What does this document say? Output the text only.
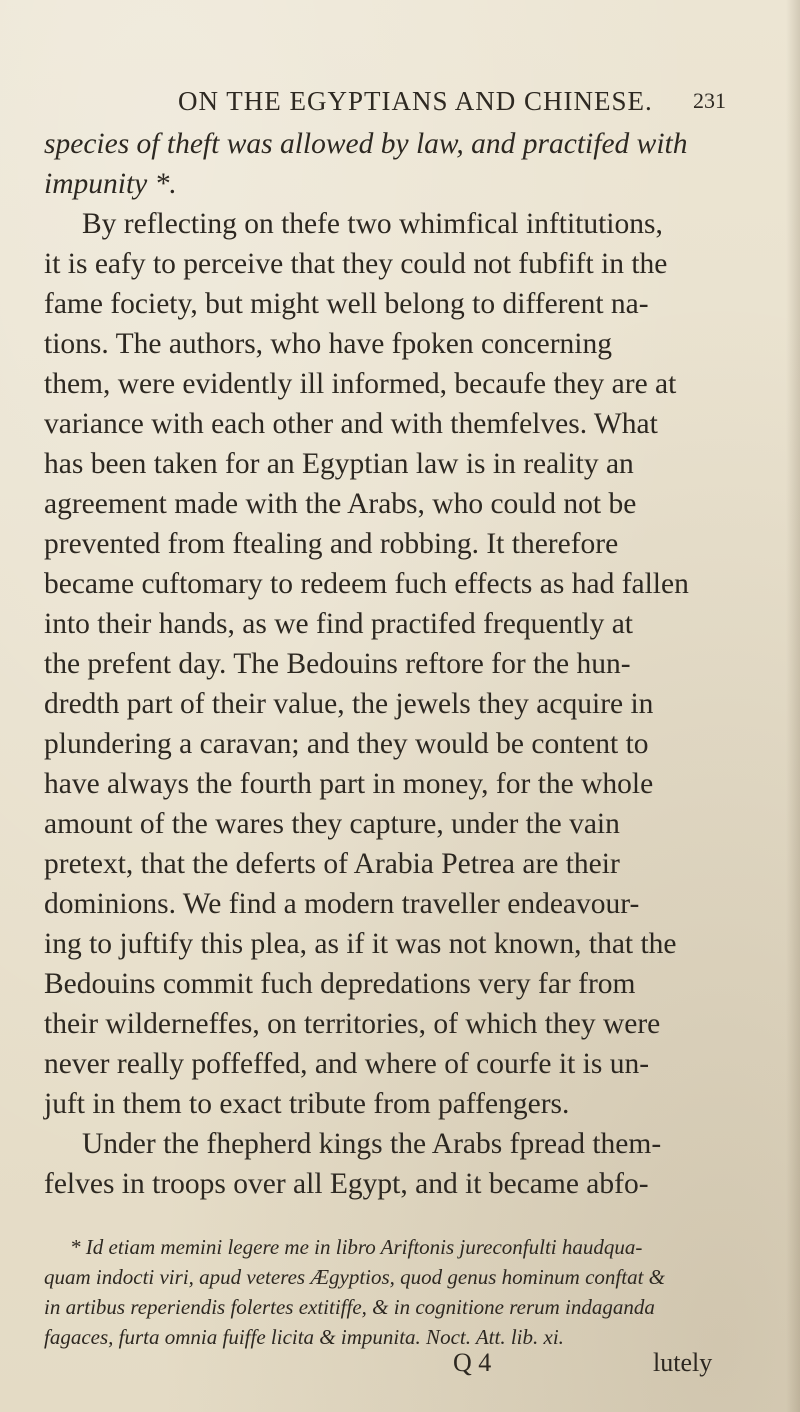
ON THE EGYPTIANS AND CHINESE. 231
species of theft was allowed by law, and practifed with
impunity *.
By reflecting on thefe two whimfical inftitutions,
it is eafy to perceive that they could not fubfift in the
fame fociety, but might well belong to different na-
tions. The authors, who have fpoken concerning
them, were evidently ill informed, becaufe they are at
variance with each other and with themfelves. What
has been taken for an Egyptian law is in reality an
agreement made with the Arabs, who could not be
prevented from ftealing and robbing. It therefore
became cuftomary to redeem fuch effects as had fallen
into their hands, as we find practifed frequently at
the prefent day. The Bedouins reftore for the hun-
dredth part of their value, the jewels they acquire in
plundering a caravan; and they would be content to
have always the fourth part in money, for the whole
amount of the wares they capture, under the vain
pretext, that the deferts of Arabia Petrea are their
dominions. We find a modern traveller endeavour-
ing to juftify this plea, as if it was not known, that the
Bedouins commit fuch depredations very far from
their wilderneffes, on territories, of which they were
never really poffeffed, and where of courfe it is un-
juft in them to exact tribute from paffengers.
Under the fhepherd kings the Arabs fpread them-
felves in troops over all Egypt, and it became abfo-
* Id etiam memini legere me in libro Ariftonis jureconfulti haudqua-
quam indocti viri, apud veteres Ægyptios, quod genus hominum conftat &
in artibus reperiendis folertes extitiffe, & in cognitione rerum indaganda
fagaces, furta omnia fuiffe licita & impunita. Noct. Att. lib. xi.
Q 4	lutely
